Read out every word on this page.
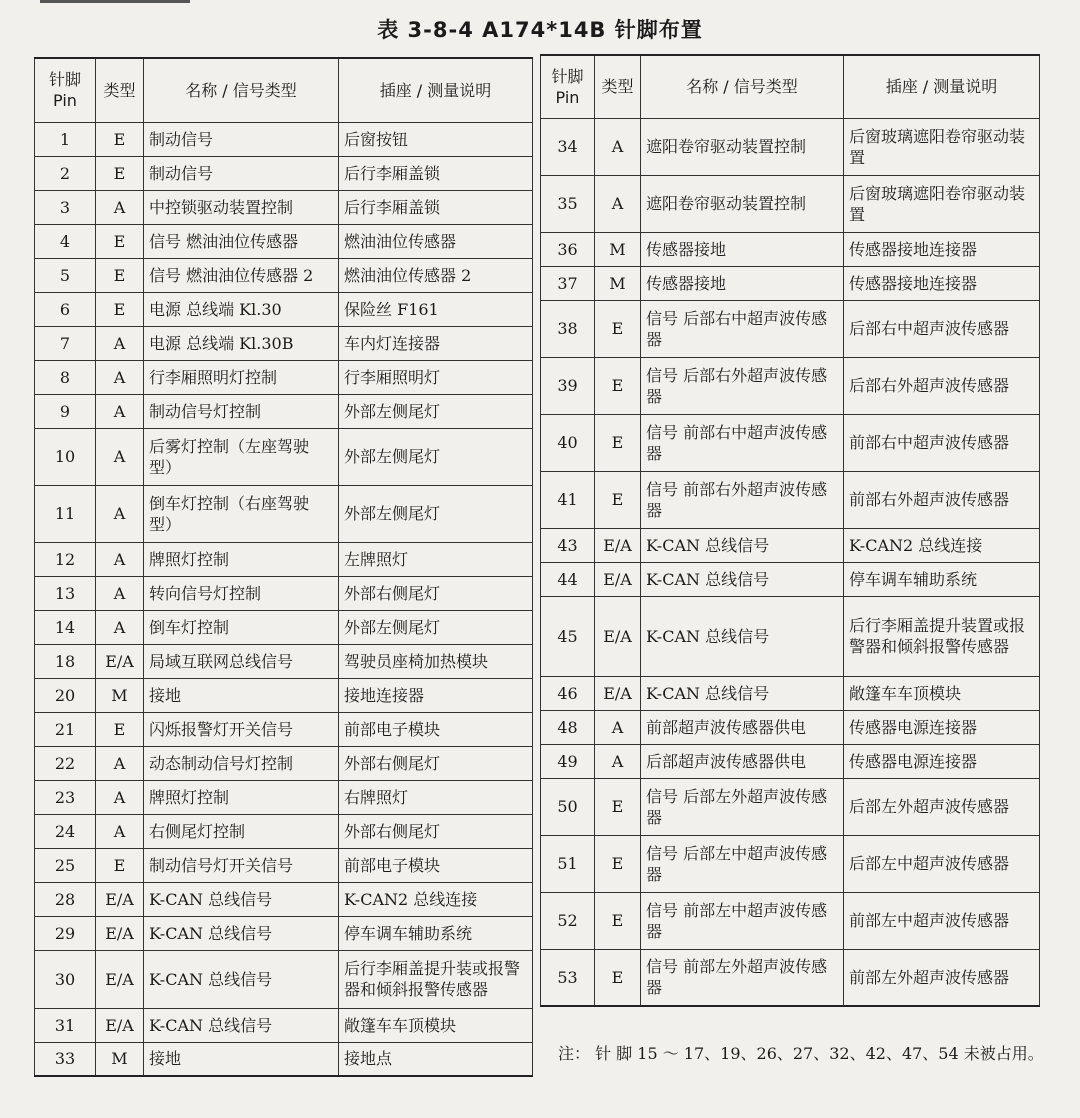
表 3-8-4 A174*14B 针脚布置
针脚
Pin	类型	名称 / 信号类型	插座 / 测量说明
1	E	制动信号	后窗按钮
2	E	制动信号	后行李厢盖锁
3	A	中控锁驱动装置控制	后行李厢盖锁
4	E	信号 燃油油位传感器	燃油油位传感器
5	E	信号 燃油油位传感器 2	燃油油位传感器 2
6	E	电源 总线端 Kl.30	保险丝 F161
7	A	电源 总线端 Kl.30B	车内灯连接器
8	A	行李厢照明灯控制	行李厢照明灯
9	A	制动信号灯控制	外部左侧尾灯
10	A	后雾灯控制（左座驾驶型）	外部左侧尾灯
11	A	倒车灯控制（右座驾驶型）	外部左侧尾灯
12	A	牌照灯控制	左牌照灯
13	A	转向信号灯控制	外部右侧尾灯
14	A	倒车灯控制	外部左侧尾灯
18	E/A	局域互联网总线信号	驾驶员座椅加热模块
20	M	接地	接地连接器
21	E	闪烁报警灯开关信号	前部电子模块
22	A	动态制动信号灯控制	外部右侧尾灯
23	A	牌照灯控制	右牌照灯
24	A	右侧尾灯控制	外部右侧尾灯
25	E	制动信号灯开关信号	前部电子模块
28	E/A	K-CAN 总线信号	K-CAN2 总线连接
29	E/A	K-CAN 总线信号	停车调车辅助系统
30	E/A	K-CAN 总线信号	后行李厢盖提升装或报警器和倾斜报警传感器
31	E/A	K-CAN 总线信号	敞篷车车顶模块
33	M	接地	接地点
针脚
Pin	类型	名称 / 信号类型	插座 / 测量说明
34	A	遮阳卷帘驱动装置控制	后窗玻璃遮阳卷帘驱动装置
35	A	遮阳卷帘驱动装置控制	后窗玻璃遮阳卷帘驱动装置
36	M	传感器接地	传感器接地连接器
37	M	传感器接地	传感器接地连接器
38	E	信号 后部右中超声波传感器	后部右中超声波传感器
39	E	信号 后部右外超声波传感器	后部右外超声波传感器
40	E	信号 前部右中超声波传感器	前部右中超声波传感器
41	E	信号 前部右外超声波传感器	前部右外超声波传感器
43	E/A	K-CAN 总线信号	K-CAN2 总线连接
44	E/A	K-CAN 总线信号	停车调车辅助系统
45	E/A	K-CAN 总线信号	后行李厢盖提升装置或报警器和倾斜报警传感器
46	E/A	K-CAN 总线信号	敞篷车车顶模块
48	A	前部超声波传感器供电	传感器电源连接器
49	A	后部超声波传感器供电	传感器电源连接器
50	E	信号 后部左外超声波传感器	后部左外超声波传感器
51	E	信号 后部左中超声波传感器	后部左中超声波传感器
52	E	信号 前部左中超声波传感器	前部左中超声波传感器
53	E	信号 前部左外超声波传感器	前部左外超声波传感器
注： 针 脚 15 ～ 17、19、26、27、32、42、47、54 未被占用。
